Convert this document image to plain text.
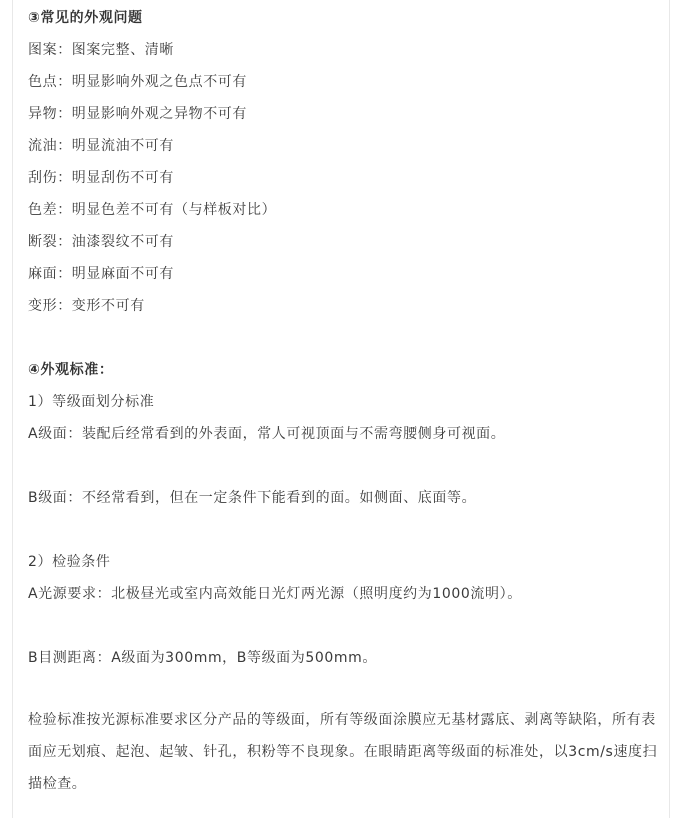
③常见的外观问题
图案：图案完整、清晰
色点：明显影响外观之色点不可有
异物：明显影响外观之异物不可有
流油：明显流油不可有
刮伤：明显刮伤不可有
色差：明显色差不可有（与样板对比）
断裂：油漆裂纹不可有
麻面：明显麻面不可有
变形：变形不可有
④外观标准：
1）等级面划分标准
A级面：装配后经常看到的外表面，常人可视顶面与不需弯腰侧身可视面。
B级面：不经常看到，但在一定条件下能看到的面。如侧面、底面等。
2）检验条件
A光源要求：北极昼光或室内高效能日光灯两光源（照明度约为1000流明）。
B目测距离：A级面为300mm，B等级面为500mm。
检验标准按光源标准要求区分产品的等级面，所有等级面涂膜应无基材露底、剥离等缺陷，所有表面应无划痕、起泡、起皱、针孔，积粉等不良现象。在眼睛距离等级面的标准处，以3cm/s速度扫描检查。
